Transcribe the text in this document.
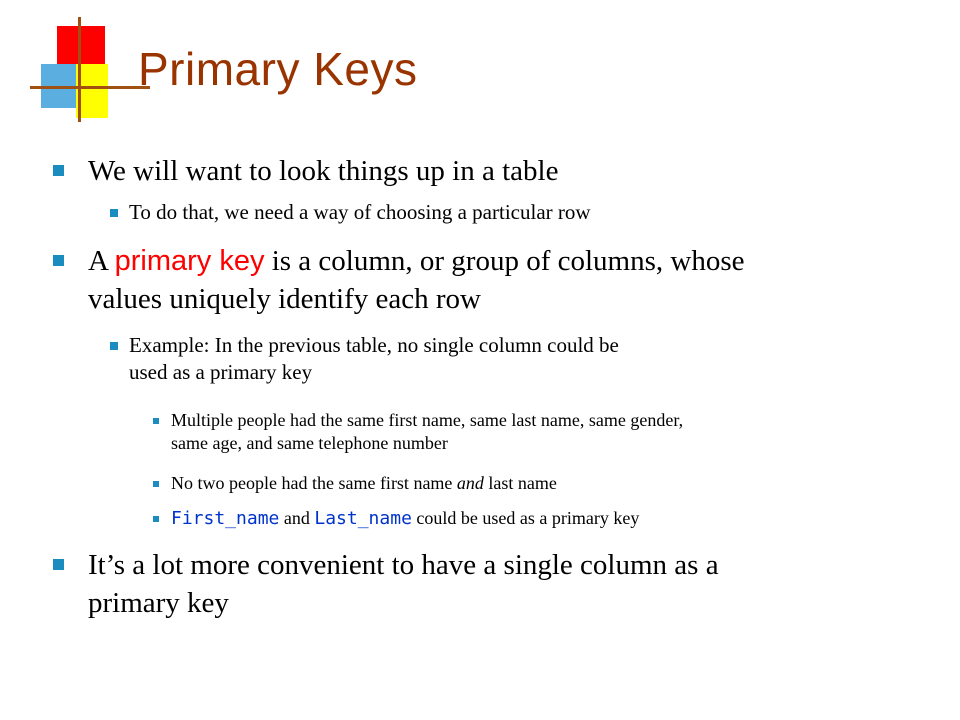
Primary Keys
We will want to look things up in a table
To do that, we need a way of choosing a particular row
A primary key is a column, or group of columns, whose
values uniquely identify each row
Example: In the previous table, no single column could be
used as a primary key
Multiple people had the same first name, same last name, same gender,
same age, and same telephone number
No two people had the same first name and last name
First_name and Last_name could be used as a primary key
It’s a lot more convenient to have a single column as a
primary key
